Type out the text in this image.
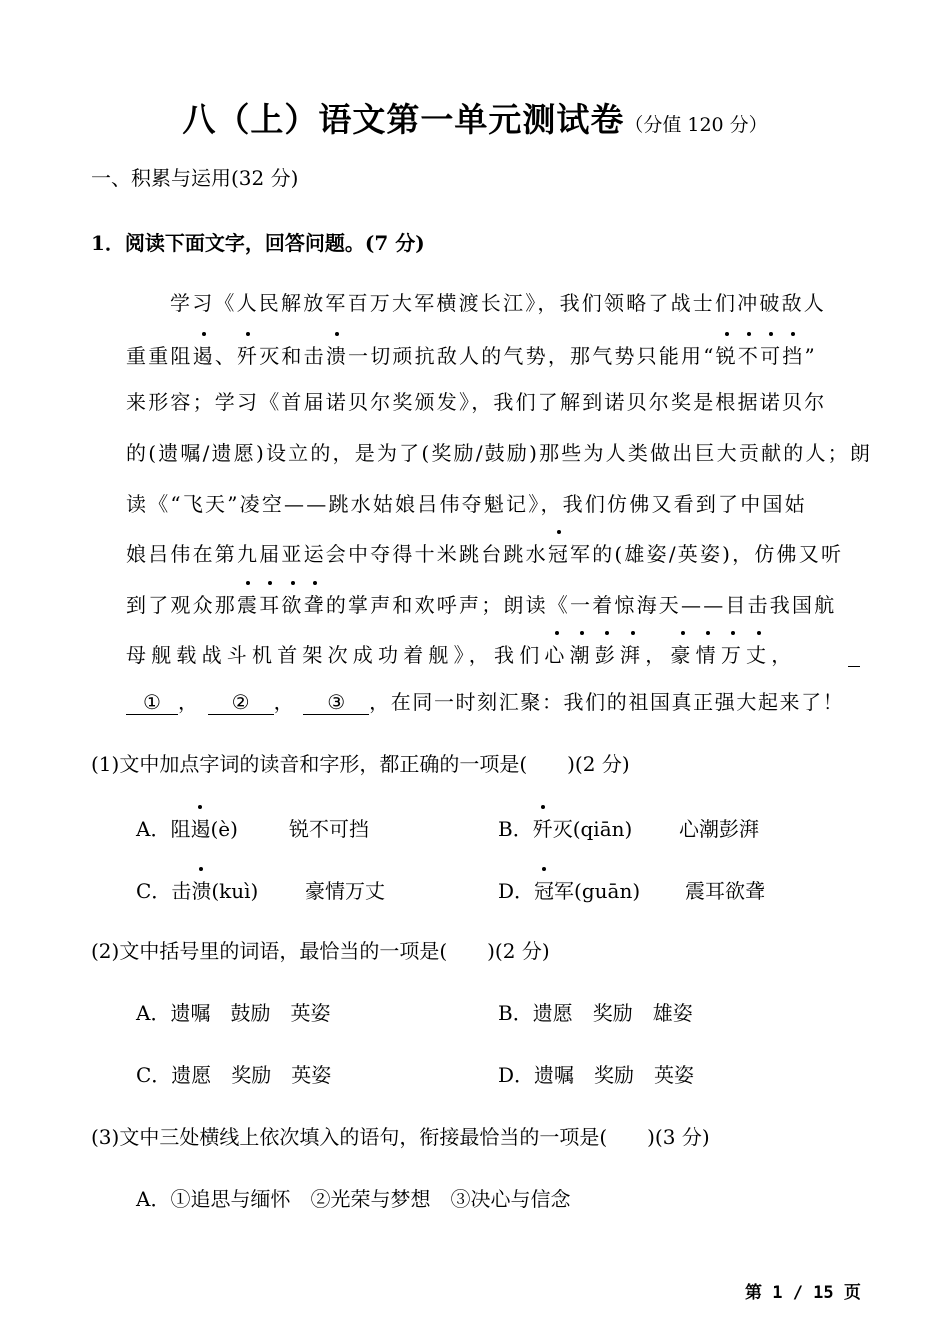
八（上）语文第一单元测试卷（分值 120 分）
一、积累与运用(32 分)
1．阅读下面文字，回答问题。(7 分)
学习《人民解放军百万大军横渡长江》，我们领略了战士们冲破敌人
重重阻遏、歼灭和击溃一切顽抗敌人的气势，那气势只能用“锐不可挡”
来形容；学习《首届诺贝尔奖颁发》，我们了解到诺贝尔奖是根据诺贝尔
的(遗嘱/遗愿)设立的，是为了(奖励/鼓励)那些为人类做出巨大贡献的人；朗
读《“飞天”凌空——跳水姑娘吕伟夺魁记》，我们仿佛又看到了中国姑
娘吕伟在第九届亚运会中夺得十米跳台跳水冠军的(雄姿/英姿)，仿佛又听
到了观众那震耳欲聋的掌声和欢呼声；朗读《一着惊海天——目击我国航
母舰载战斗机首架次成功着舰》，我们心潮彭湃，豪情万丈，
① ， ② ， ③ ，在同一时刻汇聚：我们的祖国真正强大起来了！
(1)文中加点字词的读音和字形，都正确的一项是(　　)(2 分)
A．阻遏(è)	锐不可挡	B．歼灭(qiān) 心潮彭湃
C．击溃(kuì) 豪情万丈	D．冠军(guān) 震耳欲聋
(2)文中括号里的词语，最恰当的一项是(　　)(2 分)
A．遗嘱　鼓励　英姿	B．遗愿　奖励　雄姿
C．遗愿　奖励　英姿	D．遗嘱　奖励　英姿
(3)文中三处横线上依次填入的语句，衔接最恰当的一项是(　　)(3 分)
A．①追思与缅怀　②光荣与梦想　③决心与信念
第 1 / 15 页
